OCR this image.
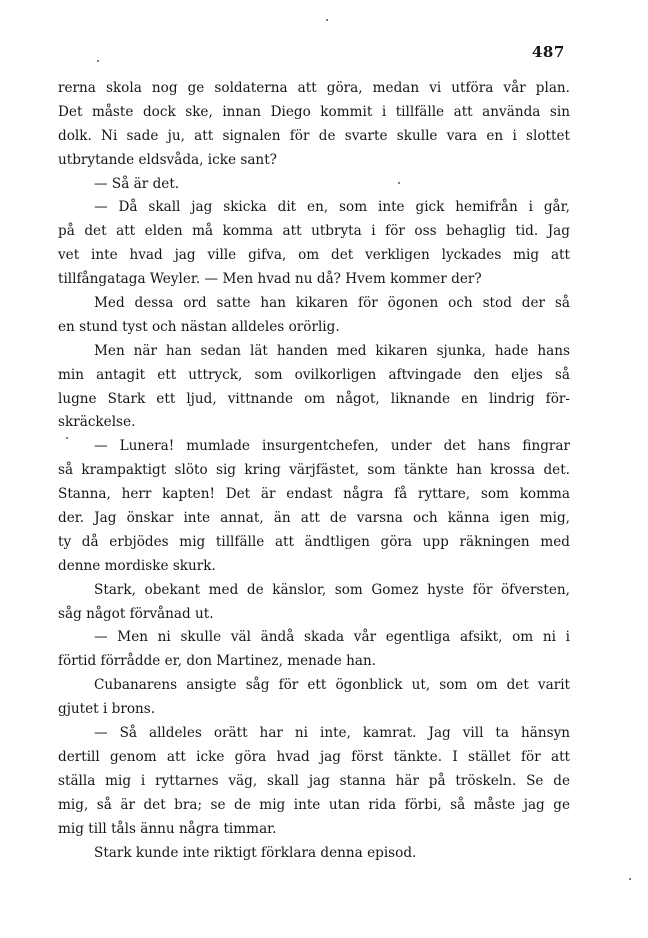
487
rerna skola nog ge soldaterna att göra, medan vi utföra vår plan.
Det måste dock ske, innan Diego kommit i tillfälle att använda sin
dolk. Ni sade ju, att signalen för de svarte skulle vara en i slottet
utbrytande eldsvåda, icke sant?
— Så är det.
— Då skall jag skicka dit en, som inte gick hemifrån i går,
på det att elden må komma att utbryta i för oss behaglig tid. Jag
vet inte hvad jag ville gifva, om det verkligen lyckades mig att
tillfångataga Weyler. — Men hvad nu då? Hvem kommer der?
Med dessa ord satte han kikaren för ögonen och stod der så
en stund tyst och nästan alldeles orörlig.
Men när han sedan lät handen med kikaren sjunka, hade hans
min antagit ett uttryck, som ovilkorligen aftvingade den eljes så
lugne Stark ett ljud, vittnande om något, liknande en lindrig för-
skräckelse.
— Lunera! mumlade insurgentchefen, under det hans fingrar
så krampaktigt slöto sig kring värjfästet, som tänkte han krossa det.
Stanna, herr kapten! Det är endast några få ryttare, som komma
der. Jag önskar inte annat, än att de varsna och känna igen mig,
ty då erbjödes mig tillfälle att ändtligen göra upp räkningen med
denne mordiske skurk.
Stark, obekant med de känslor, som Gomez hyste för öfversten,
såg något förvånad ut.
— Men ni skulle väl ändå skada vår egentliga afsikt, om ni i
förtid förrådde er, don Martinez, menade han.
Cubanarens ansigte såg för ett ögonblick ut, som om det varit
gjutet i brons.
— Så alldeles orätt har ni inte, kamrat. Jag vill ta hänsyn
dertill genom att icke göra hvad jag först tänkte. I stället för att
ställa mig i ryttarnes väg, skall jag stanna här på tröskeln. Se de
mig, så är det bra; se de mig inte utan rida förbi, så måste jag ge
mig till tåls ännu några timmar.
Stark kunde inte riktigt förklara denna episod.
